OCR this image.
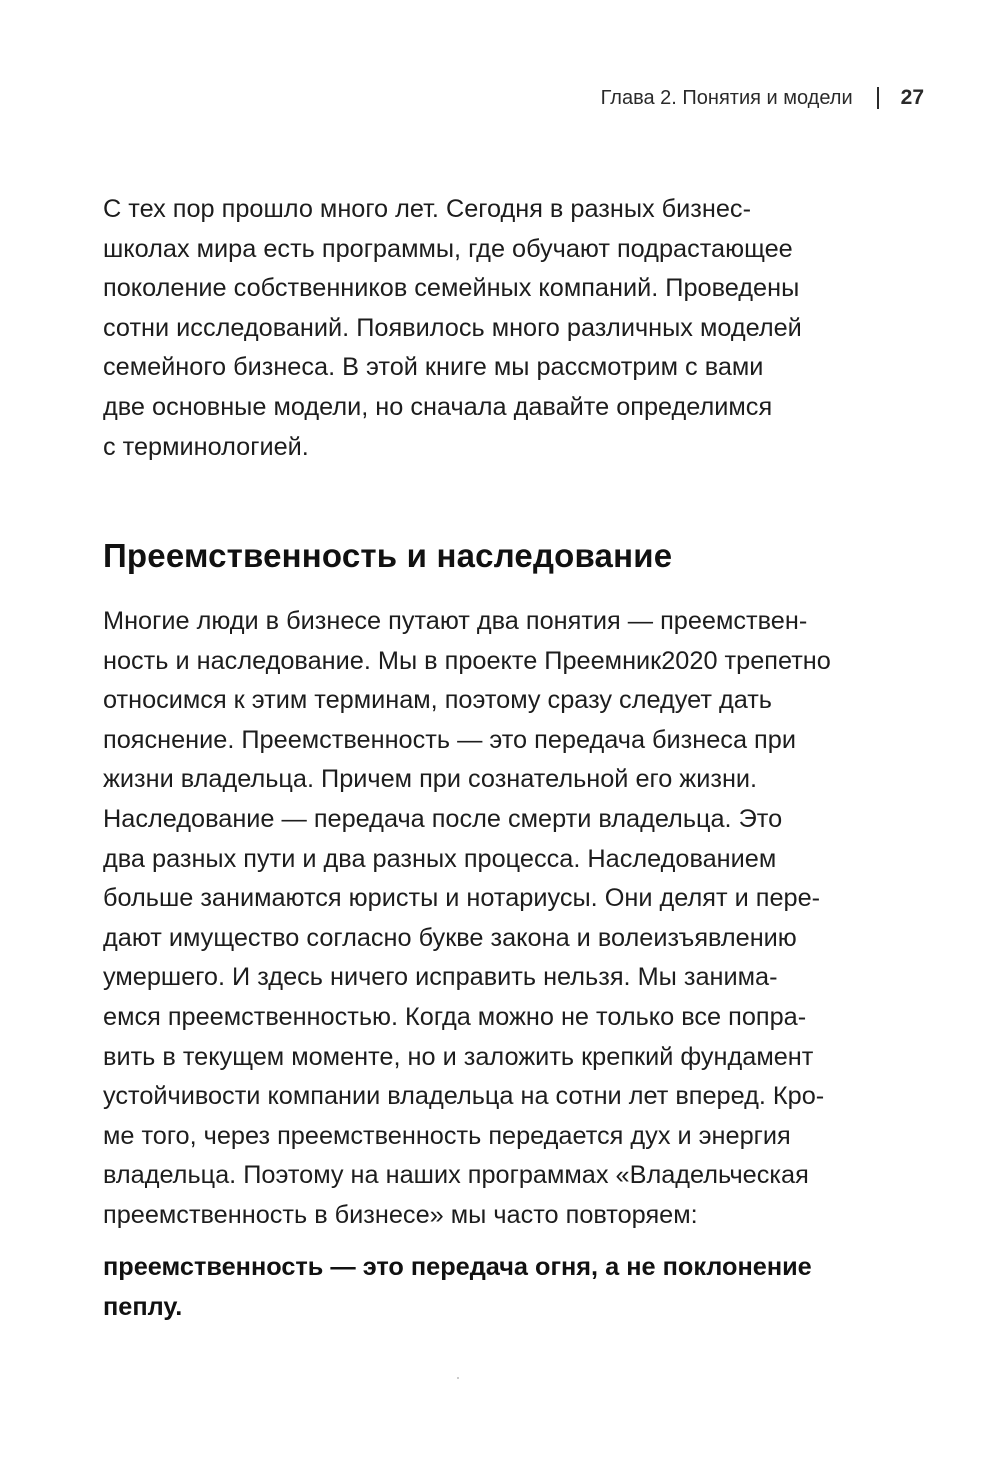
Глава 2. Понятия и модели 27
С тех пор прошло много лет. Сегодня в разных бизнес-
школах мира есть программы, где обучают подрастающее
поколение собственников семейных компаний. Проведены
сотни исследований. Появилось много различных моделей
семейного бизнеса. В этой книге мы рассмотрим с вами
две основные модели, но сначала давайте определимся
с терминологией.
Преемственность и наследование
Многие люди в бизнесе путают два понятия — преемствен-
ность и наследование. Мы в проекте Преемник2020 трепетно
относимся к этим терминам, поэтому сразу следует дать
пояснение. Преемственность — это передача бизнеса при
жизни владельца. Причем при сознательной его жизни.
Наследование — передача после смерти владельца. Это
два разных пути и два разных процесса. Наследованием
больше занимаются юристы и нотариусы. Они делят и пере-
дают имущество согласно букве закона и волеизъявлению
умершего. И здесь ничего исправить нельзя. Мы занима-
емся преемственностью. Когда можно не только все попра-
вить в текущем моменте, но и заложить крепкий фундамент
устойчивости компании владельца на сотни лет вперед. Кро-
ме того, через преемственность передается дух и энергия
владельца. Поэтому на наших программах «Владельческая
преемственность в бизнесе» мы часто повторяем:
преемственность — это передача огня, а не поклонение
пеплу.
